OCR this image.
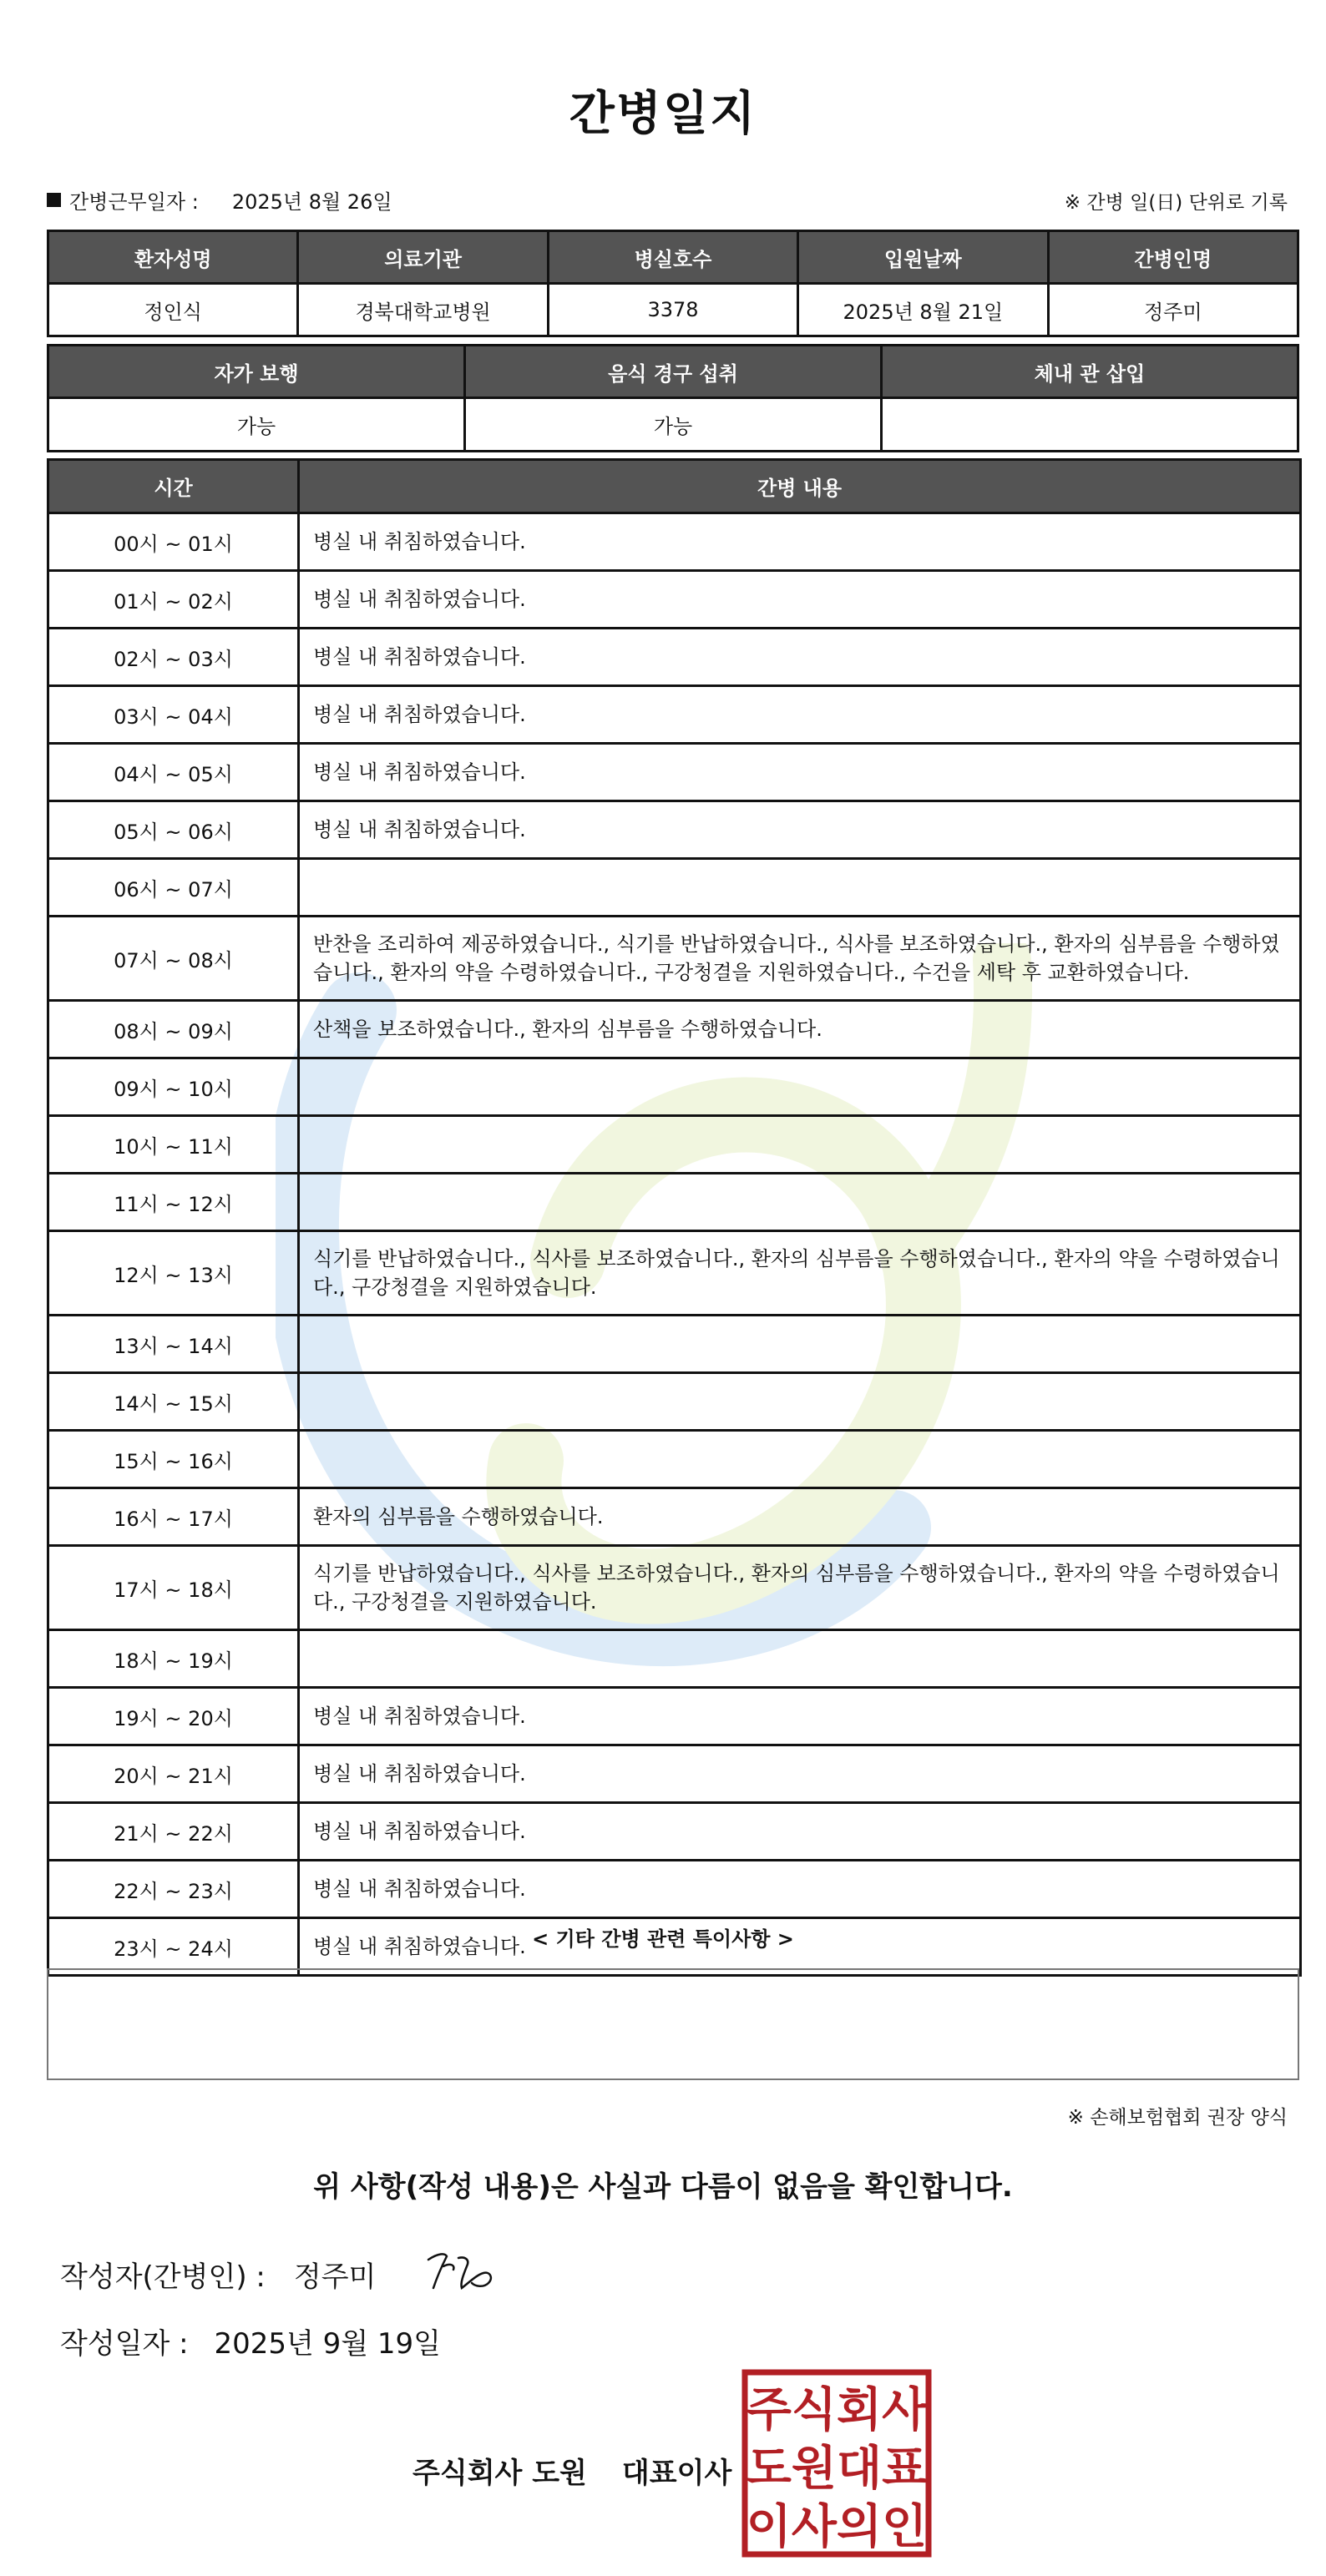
간병일지
간병근무일자 : 2025년 8월 26일	※ 간병 일(日) 단위로 기록
환자성명	의료기관	병실호수	입원날짜	간병인명
정인식	경북대학교병원	3378	2025년 8월 21일	정주미
자가 보행	음식 경구 섭취	체내 관 삽입
가능	가능	
시간	간병 내용
00시 ~ 01시	병실 내 취침하였습니다.
01시 ~ 02시	병실 내 취침하였습니다.
02시 ~ 03시	병실 내 취침하였습니다.
03시 ~ 04시	병실 내 취침하였습니다.
04시 ~ 05시	병실 내 취침하였습니다.
05시 ~ 06시	병실 내 취침하였습니다.
06시 ~ 07시	
07시 ~ 08시	반찬을 조리하여 제공하였습니다., 식기를 반납하였습니다., 식사를 보조하였습니다., 환자의 심부름을 수행하였습니다., 환자의 약을 수령하였습니다., 구강청결을 지원하였습니다., 수건을 세탁 후 교환하였습니다.
08시 ~ 09시	산책을 보조하였습니다., 환자의 심부름을 수행하였습니다.
09시 ~ 10시	
10시 ~ 11시	
11시 ~ 12시	
12시 ~ 13시	식기를 반납하였습니다., 식사를 보조하였습니다., 환자의 심부름을 수행하였습니다., 환자의 약을 수령하였습니다., 구강청결을 지원하였습니다.
13시 ~ 14시	
14시 ~ 15시	
15시 ~ 16시	
16시 ~ 17시	환자의 심부름을 수행하였습니다.
17시 ~ 18시	식기를 반납하였습니다., 식사를 보조하였습니다., 환자의 심부름을 수행하였습니다., 환자의 약을 수령하였습니다., 구강청결을 지원하였습니다.
18시 ~ 19시	
19시 ~ 20시	병실 내 취침하였습니다.
20시 ~ 21시	병실 내 취침하였습니다.
21시 ~ 22시	병실 내 취침하였습니다.
22시 ~ 23시	병실 내 취침하였습니다.
23시 ~ 24시	병실 내 취침하였습니다. < 기타 간병 관련 특이사항 >
※ 손해보험협회 권장 양식
위 사항(작성 내용)은 사실과 다름이 없음을 확인합니다.
작성자(간병인) : 정주미
작성일자 : 2025년 9월 19일
주식회사 도원 대표이사
주식회사
도원대표
이사의인
